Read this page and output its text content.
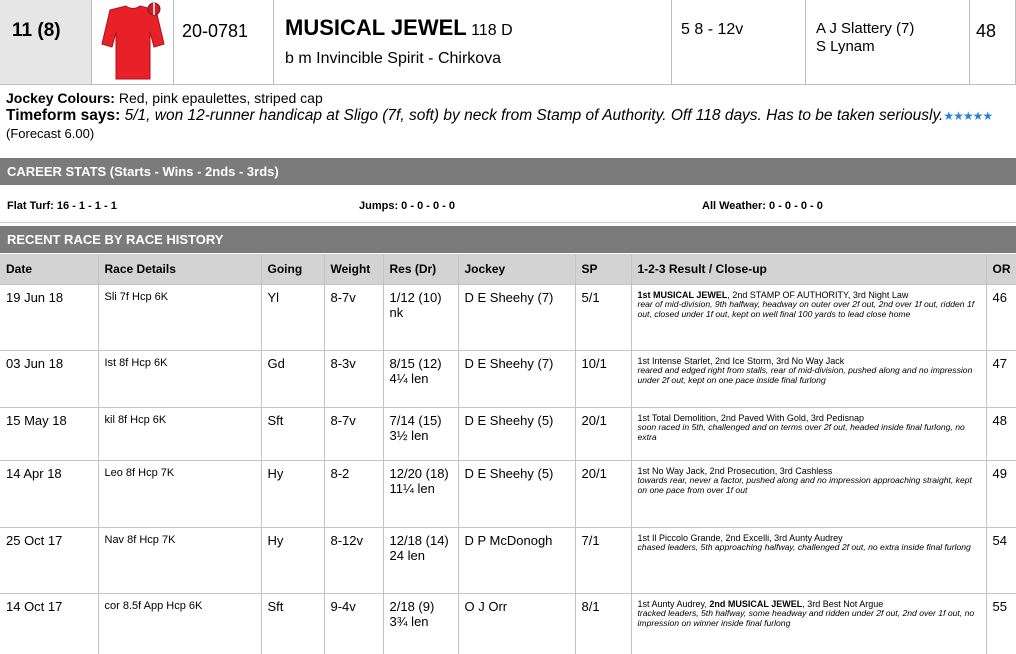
11 (8)	20-0781 MUSICAL JEWEL 118 D
b m Invincible Spirit - Chirkova
5 8 - 12v	A J Slattery (7)
S Lynam
48
Jockey Colours: Red, pink epaulettes, striped cap
Timeform says: 5/1, won 12-runner handicap at Sligo (7f, soft) by neck from Stamp of Authority. Off 118 days. Has to be taken seriously.★★★★★ (Forecast 6.00)
CAREER STATS (Starts - Wins - 2nds - 3rds)
Flat Turf: 16 - 1 - 1 - 1	Jumps: 0 - 0 - 0 - 0	All Weather: 0 - 0 - 0 - 0
RECENT RACE BY RACE HISTORY
Date	Race Details	Going	Weight	Res (Dr)	Jockey	SP	1-2-3 Result / Close-up	OR
19 Jun 18	Sli 7f Hcp 6K	Yl	8-7v	1/12 (10) nk	D E Sheehy (7)	5/1	1st MUSICAL JEWEL, 2nd STAMP OF AUTHORITY, 3rd Night Law
rear of mid-division, 9th halfway, headway on outer over 2f out, 2nd over 1f out, ridden 1f out, closed under 1f out, kept on well final 100 yards to lead close home	46
03 Jun 18	Ist 8f Hcp 6K	Gd	8-3v	8/15 (12) 4¼ len	D E Sheehy (7)	10/1	1st Intense Starlet, 2nd Ice Storm, 3rd No Way Jack
reared and edged right from stalls, rear of mid-division, pushed along and no impression under 2f out, kept on one pace inside final furlong	47
15 May 18	kil 8f Hcp 6K	Sft	8-7v	7/14 (15) 3½ len	D E Sheehy (5)	20/1	1st Total Demolition, 2nd Paved With Gold, 3rd Pedisnap
soon raced in 5th, challenged and on terms over 2f out, headed inside final furlong, no extra	48
14 Apr 18	Leo 8f Hcp 7K	Hy	8-2	12/20 (18) 11¼ len	D E Sheehy (5)	20/1	1st No Way Jack, 2nd Prosecution, 3rd Cashless
towards rear, never a factor, pushed along and no impression approaching straight, kept on one pace from over 1f out	49
25 Oct 17	Nav 8f Hcp 7K	Hy	8-12v	12/18 (14) 24 len	D P McDonogh	7/1	1st Il Piccolo Grande, 2nd Excelli, 3rd Aunty Audrey
chased leaders, 5th approaching halfway, challenged 2f out, no extra inside final furlong	54
14 Oct 17	cor 8.5f App Hcp 6K	Sft	9-4v	2/18 (9) 3¾ len	O J Orr	8/1	1st Aunty Audrey, 2nd MUSICAL JEWEL, 3rd Best Not Argue
tracked leaders, 5th halfway, some headway and ridden under 2f out, 2nd over 1f out, no impression on winner inside final furlong	55
